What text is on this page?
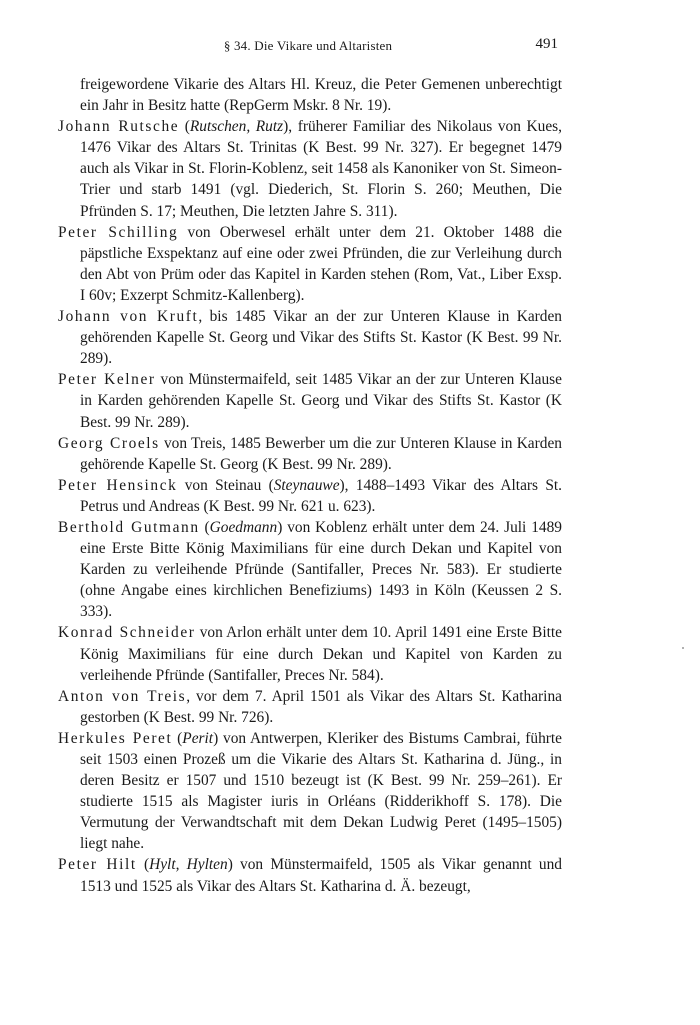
§ 34. Die Vikare und Altaristen	491

freigewordene Vikarie des Altars Hl. Kreuz, die Peter Gemenen unberechtigt ein Jahr in Besitz hatte (RepGerm Mskr. 8 Nr. 19).

Johann Rutsche (Rutschen, Rutz), früherer Familiar des Nikolaus von Kues, 1476 Vikar des Altars St. Trinitas (K Best. 99 Nr. 327). Er begegnet 1479 auch als Vikar in St. Florin-Koblenz, seit 1458 als Kanoniker von St. Simeon-Trier und starb 1491 (vgl. Diederich, St. Florin S. 260; Meuthen, Die Pfründen S. 17; Meuthen, Die letzten Jahre S. 311).

Peter Schilling von Oberwesel erhält unter dem 21. Oktober 1488 die päpstliche Exspektanz auf eine oder zwei Pfründen, die zur Verleihung durch den Abt von Prüm oder das Kapitel in Karden stehen (Rom, Vat., Liber Exsp. I 60v; Exzerpt Schmitz-Kallenberg).

Johann von Kruft, bis 1485 Vikar an der zur Unteren Klause in Karden gehörenden Kapelle St. Georg und Vikar des Stifts St. Kastor (K Best. 99 Nr. 289).

Peter Kelner von Münstermaifeld, seit 1485 Vikar an der zur Unteren Klause in Karden gehörenden Kapelle St. Georg und Vikar des Stifts St. Kastor (K Best. 99 Nr. 289).

Georg Croels von Treis, 1485 Bewerber um die zur Unteren Klause in Karden gehörende Kapelle St. Georg (K Best. 99 Nr. 289).

Peter Hensinck von Steinau (Steynauwe), 1488–1493 Vikar des Altars St. Petrus und Andreas (K Best. 99 Nr. 621 u. 623).

Berthold Gutmann (Goedmann) von Koblenz erhält unter dem 24. Juli 1489 eine Erste Bitte König Maximilians für eine durch Dekan und Kapitel von Karden zu verleihende Pfründe (Santifaller, Preces Nr. 583). Er studierte (ohne Angabe eines kirchlichen Benefiziums) 1493 in Köln (Keussen 2 S. 333).

Konrad Schneider von Arlon erhält unter dem 10. April 1491 eine Erste Bitte König Maximilians für eine durch Dekan und Kapitel von Karden zu verleihende Pfründe (Santifaller, Preces Nr. 584).

Anton von Treis, vor dem 7. April 1501 als Vikar des Altars St. Katharina gestorben (K Best. 99 Nr. 726).

Herkules Peret (Perit) von Antwerpen, Kleriker des Bistums Cambrai, führte seit 1503 einen Prozeß um die Vikarie des Altars St. Katharina d. Jüng., in deren Besitz er 1507 und 1510 bezeugt ist (K Best. 99 Nr. 259–261). Er studierte 1515 als Magister iuris in Orléans (Ridderikhoff S. 178). Die Vermutung der Verwandtschaft mit dem Dekan Ludwig Peret (1495–1505) liegt nahe.

Peter Hilt (Hylt, Hylten) von Münstermaifeld, 1505 als Vikar genannt und 1513 und 1525 als Vikar des Altars St. Katharina d. Ä. bezeugt,
